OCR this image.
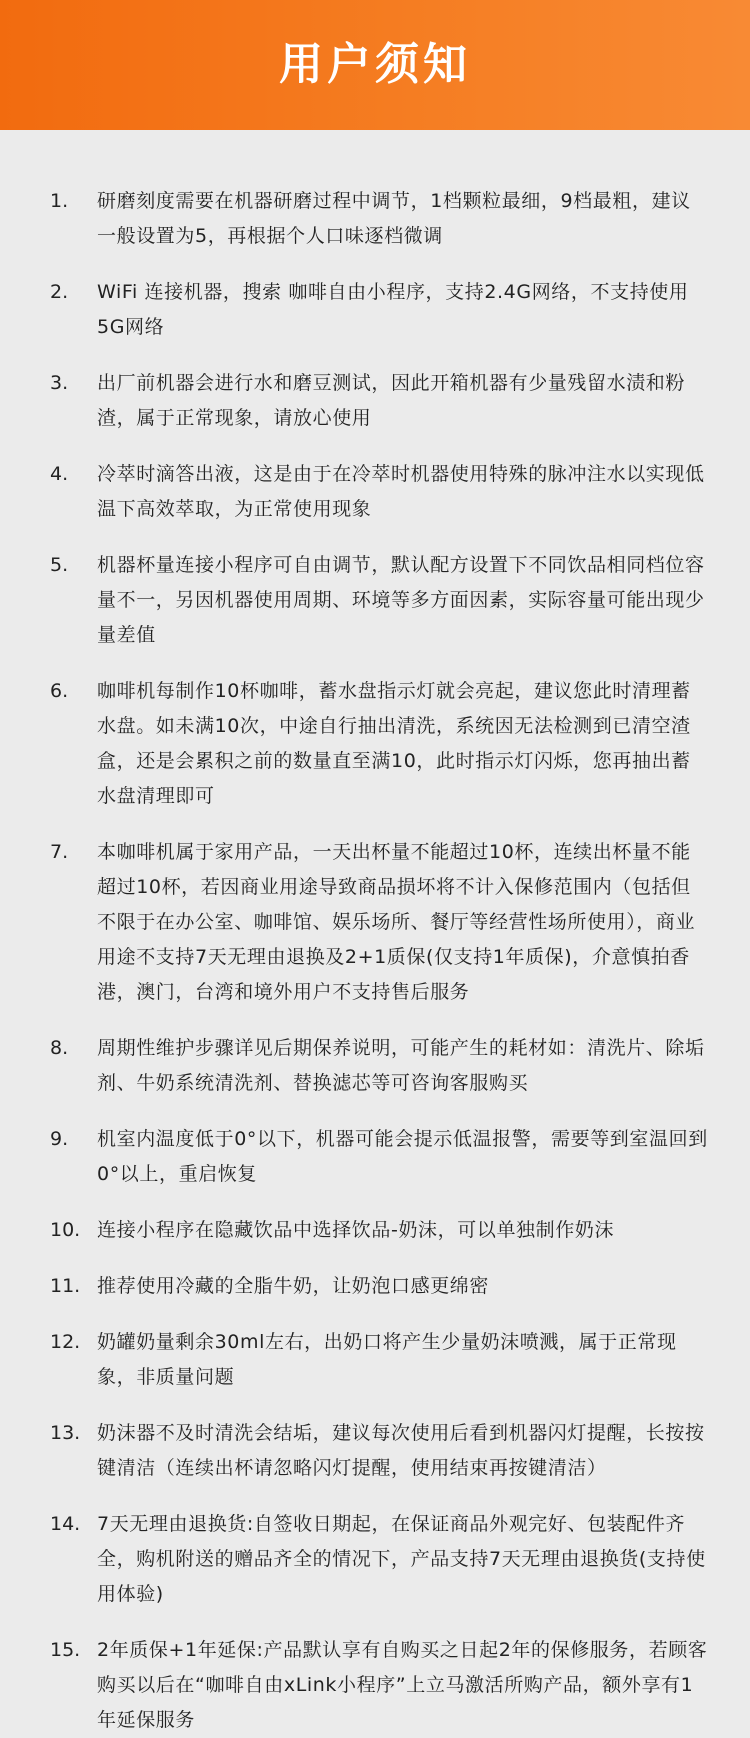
用户须知
1. 研磨刻度需要在机器研磨过程中调节，1档颗粒最细，9档最粗，建议一般设置为5，再根据个人口味逐档微调
2. WiFi 连接机器，搜索 咖啡自由小程序，支持2.4G网络，不支持使用5G网络
3. 出厂前机器会进行水和磨豆测试，因此开箱机器有少量残留水渍和粉渣，属于正常现象，请放心使用
4. 冷萃时滴答出液，这是由于在冷萃时机器使用特殊的脉冲注水以实现低温下高效萃取，为正常使用现象
5. 机器杯量连接小程序可自由调节，默认配方设置下不同饮品相同档位容量不一，另因机器使用周期、环境等多方面因素，实际容量可能出现少量差值
6. 咖啡机每制作10杯咖啡，蓄水盘指示灯就会亮起，建议您此时清理蓄水盘。如未满10次，中途自行抽出清洗，系统因无法检测到已清空渣盒，还是会累积之前的数量直至满10，此时指示灯闪烁，您再抽出蓄水盘清理即可
7. 本咖啡机属于家用产品，一天出杯量不能超过10杯，连续出杯量不能超过10杯，若因商业用途导致商品损坏将不计入保修范围内（包括但不限于在办公室、咖啡馆、娱乐场所、餐厅等经营性场所使用），商业用途不支持7天无理由退换及2+1质保(仅支持1年质保)，介意慎拍香港，澳门，台湾和境外用户不支持售后服务
8. 周期性维护步骤详见后期保养说明，可能产生的耗材如：清洗片、除垢剂、牛奶系统清洗剂、替换滤芯等可咨询客服购买
9. 机室内温度低于0°以下，机器可能会提示低温报警，需要等到室温回到0°以上，重启恢复
10. 连接小程序在隐藏饮品中选择饮品-奶沫，可以单独制作奶沫
11. 推荐使用冷藏的全脂牛奶，让奶泡口感更绵密
12. 奶罐奶量剩余30ml左右，出奶口将产生少量奶沫喷溅，属于正常现象，非质量问题
13. 奶沫器不及时清洗会结垢，建议每次使用后看到机器闪灯提醒，长按按键清洁（连续出杯请忽略闪灯提醒，使用结束再按键清洁）
14. 7天无理由退换货:自签收日期起，在保证商品外观完好、包装配件齐全，购机附送的赠品齐全的情况下，产品支持7天无理由退换货(支持使用体验)
15. 2年质保+1年延保:产品默认享有自购买之日起2年的保修服务，若顾客购买以后在“咖啡自由xLink小程序”上立马激活所购产品，额外享有1年延保服务
